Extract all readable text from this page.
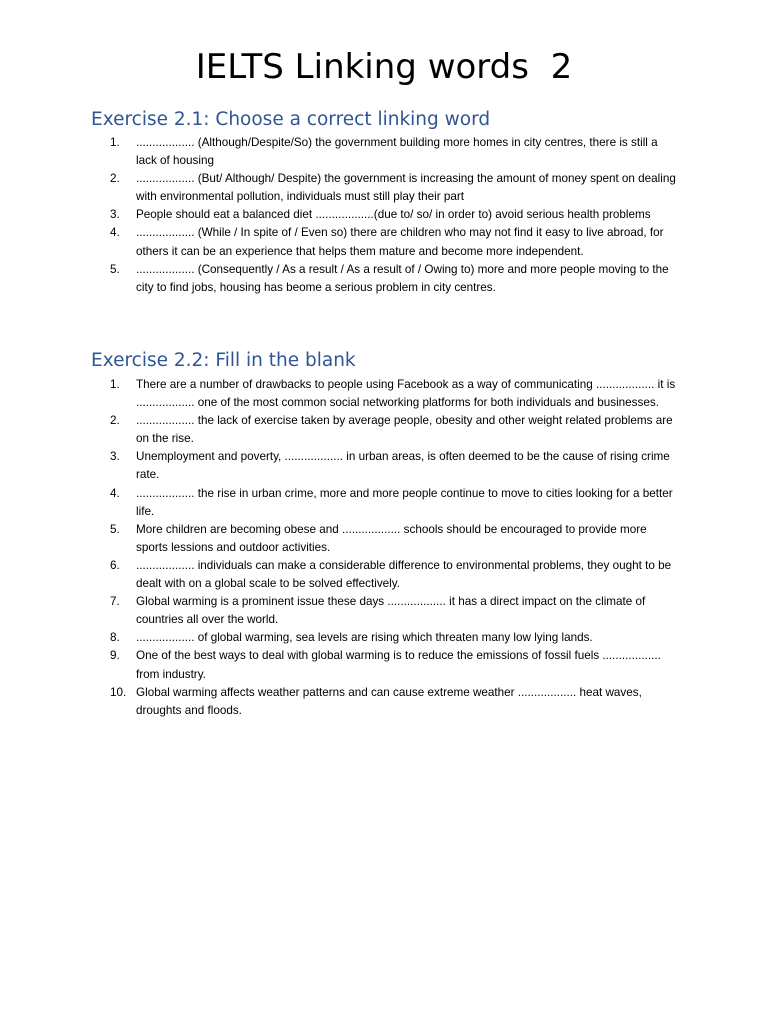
IELTS Linking words  2
Exercise 2.1: Choose a correct linking word
1.	.................. (Although/Despite/So) the government building more homes in city centres, there is still a lack of housing
2.	.................. (But/ Although/ Despite) the government is increasing the amount of money spent on dealing with environmental pollution, individuals must still play their part
3.	People should eat a balanced diet ..................(due to/ so/ in order to) avoid serious health problems
4.	.................. (While / In spite of / Even so) there are children who may not find it easy to live abroad, for others it can be an experience that helps them mature and become more independent.
5.	.................. (Consequently / As a result / As a result of / Owing to) more and more people moving to the city to find jobs, housing has beome a serious problem in city centres.
Exercise 2.2: Fill in the blank
1.	There are a number of drawbacks to people using Facebook as a way of communicating .................. it is .................. one of the most common social networking platforms for both individuals and businesses.
2.	.................. the lack of exercise taken by average people, obesity and other weight related problems are on the rise.
3.	Unemployment and poverty, .................. in urban areas, is often deemed to be the cause of rising crime rate.
4.	.................. the rise in urban crime, more and more people continue to move to cities looking for a better life.
5.	More children are becoming obese and .................. schools should be encouraged to provide more sports lessions and outdoor activities.
6.	.................. individuals can make a considerable difference to environmental problems, they ought to be dealt with on a global scale to be solved effectively.
7.	Global warming is a prominent issue these days .................. it has a direct impact on the climate of countries all over the world.
8.	.................. of global warming, sea levels are rising which threaten many low lying lands.
9.	One of the best ways to deal with global warming is to reduce the emissions of fossil fuels .................. from industry.
10. Global warming affects weather patterns and can cause extreme weather .................. heat waves, droughts and floods.
